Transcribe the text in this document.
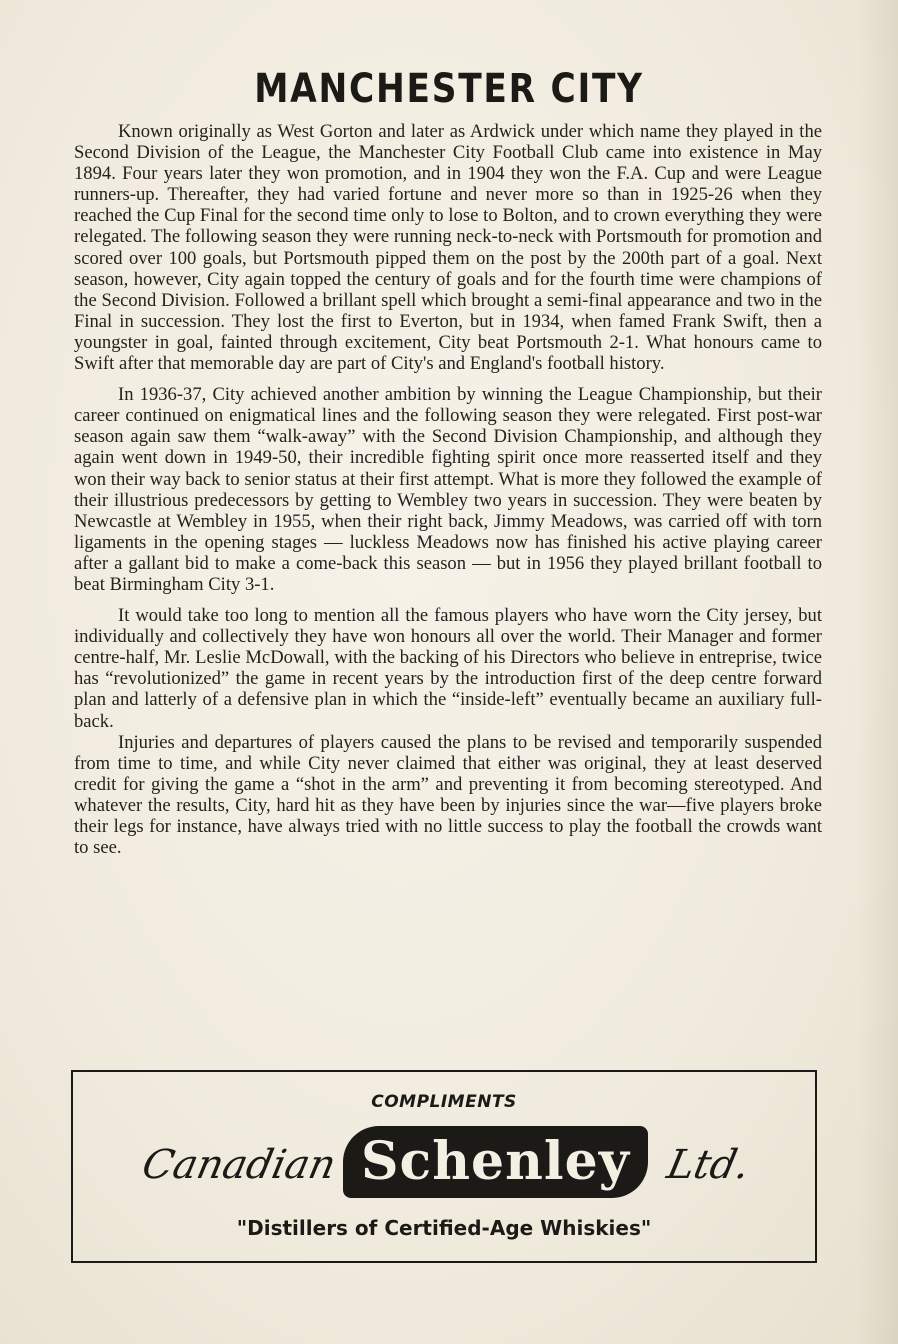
MANCHESTER CITY

Known originally as West Gorton and later as Ardwick under which name they played in the Second Division of the League, the Manchester City Football Club came into existence in May 1894. Four years later they won promotion, and in 1904 they won the F.A. Cup and were League runners-up. Thereafter, they had varied fortune and never more so than in 1925-26 when they reached the Cup Final for the second time only to lose to Bolton, and to crown everything they were relegated. The following season they were running neck-to-neck with Portsmouth for promotion and scored over 100 goals, but Portsmouth pipped them on the post by the 200th part of a goal. Next season, however, City again topped the century of goals and for the fourth time were champions of the Second Division. Followed a brillant spell which brought a semi-final appearance and two in the Final in succession. They lost the first to Everton, but in 1934, when famed Frank Swift, then a youngster in goal, fainted through excitement, City beat Portsmouth 2-1. What honours came to Swift after that memorable day are part of City's and England's football history.

In 1936-37, City achieved another ambition by winning the League Championship, but their career continued on enigmatical lines and the following season they were relegated. First post-war season again saw them “walk-away” with the Second Division Championship, and although they again went down in 1949-50, their incredible fighting spirit once more reasserted itself and they won their way back to senior status at their first attempt. What is more they followed the example of their illustrious predecessors by getting to Wembley two years in succession. They were beaten by Newcastle at Wembley in 1955, when their right back, Jimmy Meadows, was carried off with torn ligaments in the opening stages — luckless Meadows now has finished his active playing career after a gallant bid to make a come-back this season — but in 1956 they played brillant football to beat Birmingham City 3-1.

It would take too long to mention all the famous players who have worn the City jersey, but individually and collectively they have won honours all over the world. Their Manager and former centre-half, Mr. Leslie McDowall, with the backing of his Directors who believe in entreprise, twice has “revolutionized” the game in recent years by the introduction first of the deep centre forward plan and latterly of a defensive plan in which the “inside-left” eventually became an auxiliary full-back.

Injuries and departures of players caused the plans to be revised and temporarily suspended from time to time, and while City never claimed that either was original, they at least deserved credit for giving the game a “shot in the arm” and preventing it from becoming stereotyped. And whatever the results, City, hard hit as they have been by injuries since the war—five players broke their legs for instance, have always tried with no little success to play the football the crowds want to see.

COMPLIMENTS
Canadian Schenley Ltd.
"Distillers of Certified-Age Whiskies"
